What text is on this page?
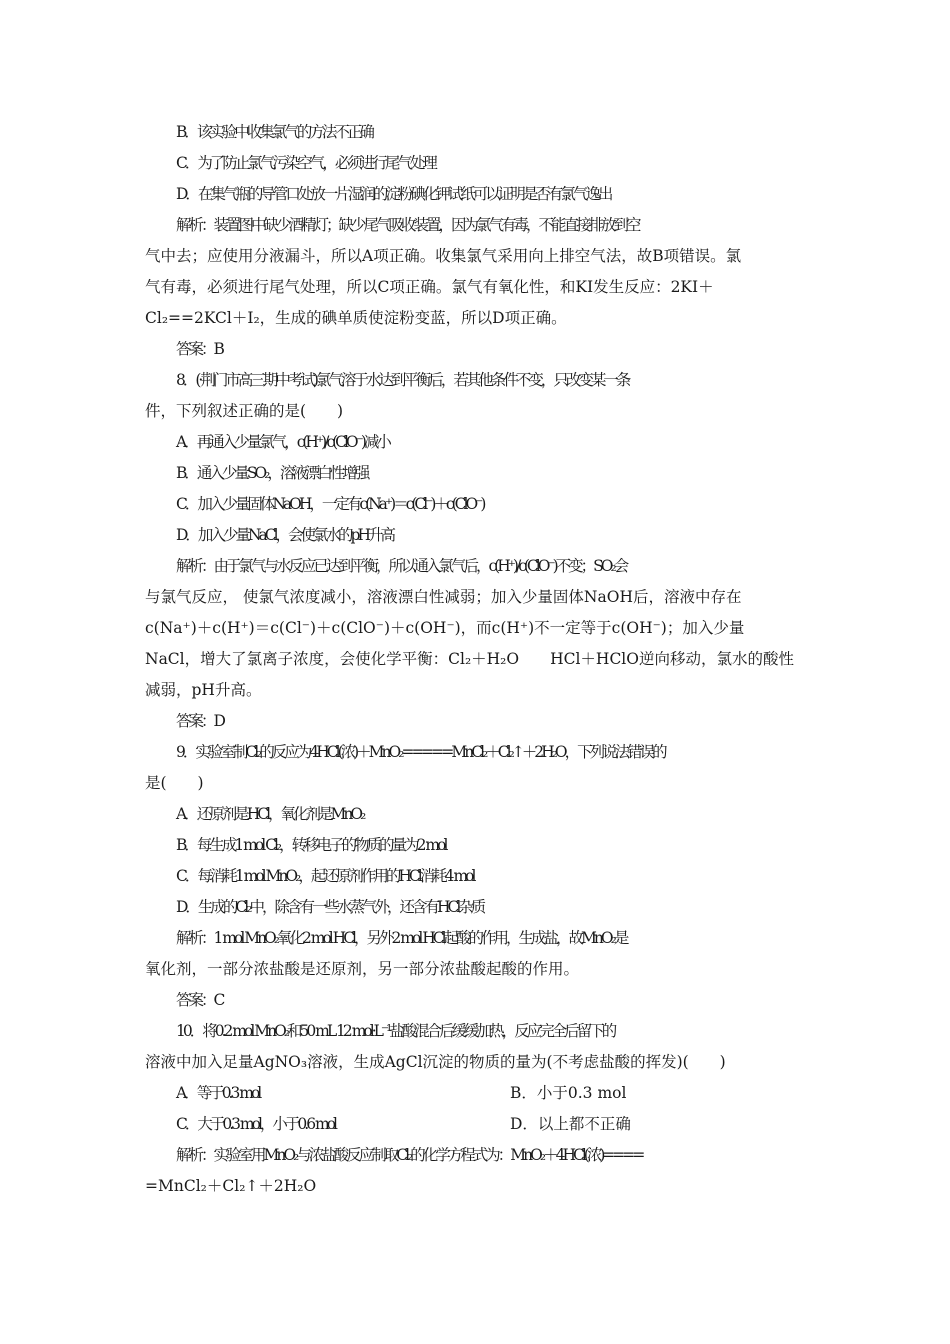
B．该实验中收集氯气的方法不正确
C．为了防止氯气污染空气，必须进行尾气处理
D．在集气瓶的导管口处放一片湿润的淀粉碘化钾试纸可以证明是否有氯气逸出
解析：装置图中缺少酒精灯；缺少尾气吸收装置，因为氯气有毒，不能直接排放到空
气中去；应使用分液漏斗，所以A项正确。收集氯气采用向上排空气法，故B项错误。氯
气有毒，必须进行尾气处理，所以C项正确。氯气有氧化性，和KI发生反应：2KI＋
Cl₂==2KCl＋I₂，生成的碘单质使淀粉变蓝，所以D项正确。
答案：B
8．(·荆门市高三期中考试)氯气溶于水达到平衡后，若其他条件不变，只改变某一条
件，下列叙述正确的是(　　)
A．再通入少量氯气，c(H⁺)/c(ClO⁻)减小
B．通入少量SO₂，溶液漂白性增强
C．加入少量固体NaOH，一定有c(Na⁺)＝c(Cl⁻)＋c(ClO⁻)
D．加入少量NaCl，会使氯水的pH升高
解析：由于氯气与水反应已达到平衡，所以通入氯气后，c(H⁺)/c(ClO⁻)不变；SO₂会
与氯气反应， 使氯气浓度减小，溶液漂白性减弱；加入少量固体NaOH后，溶液中存在
c(Na⁺)＋c(H⁺)＝c(Cl⁻)＋c(ClO⁻)＋c(OH⁻)，而c(H⁺)不一定等于c(OH⁻)；加入少量
NaCl，增大了氯离子浓度，会使化学平衡：Cl₂＋H₂O　　HCl＋HClO逆向移动，氯水的酸性
减弱，pH升高。
答案：D
9．实验室制Cl₂的反应为4HCl(浓)＋MnO₂=====MnCl₂＋Cl₂↑＋2H₂O，下列说法错误的
是(　　)
A．还原剂是HCl，氧化剂是MnO₂
B．每生成1 mol Cl₂，转移电子的物质的量为2 mol
C．每消耗1 mol MnO₂，起还原剂作用的HCl消耗4 mol
D．生成的Cl₂中，除含有一些水蒸气外，还含有HCl杂质
解析：1 mol MnO₂氧化2 mol HCl，另外2 mol HCl起酸的作用，生成盐，故MnO₂是
氧化剂，一部分浓盐酸是还原剂，另一部分浓盐酸起酸的作用。
答案：C
10．将0.2 mol MnO₂和50 mL 12 mol·L⁻¹盐酸混合后缓缓加热，反应完全后留下的
溶液中加入足量AgNO₃溶液，生成AgCl沉淀的物质的量为(不考虑盐酸的挥发)(　　)
A．等于0.3 mol	B．小于0.3 mol
C．大于0.3 mol，小于0.6 mol	D．以上都不正确
解析：实验室用MnO₂与浓盐酸反应制取Cl₂的化学方程式为：MnO₂＋4HCl(浓)====
=MnCl₂＋Cl₂↑＋2H₂O
